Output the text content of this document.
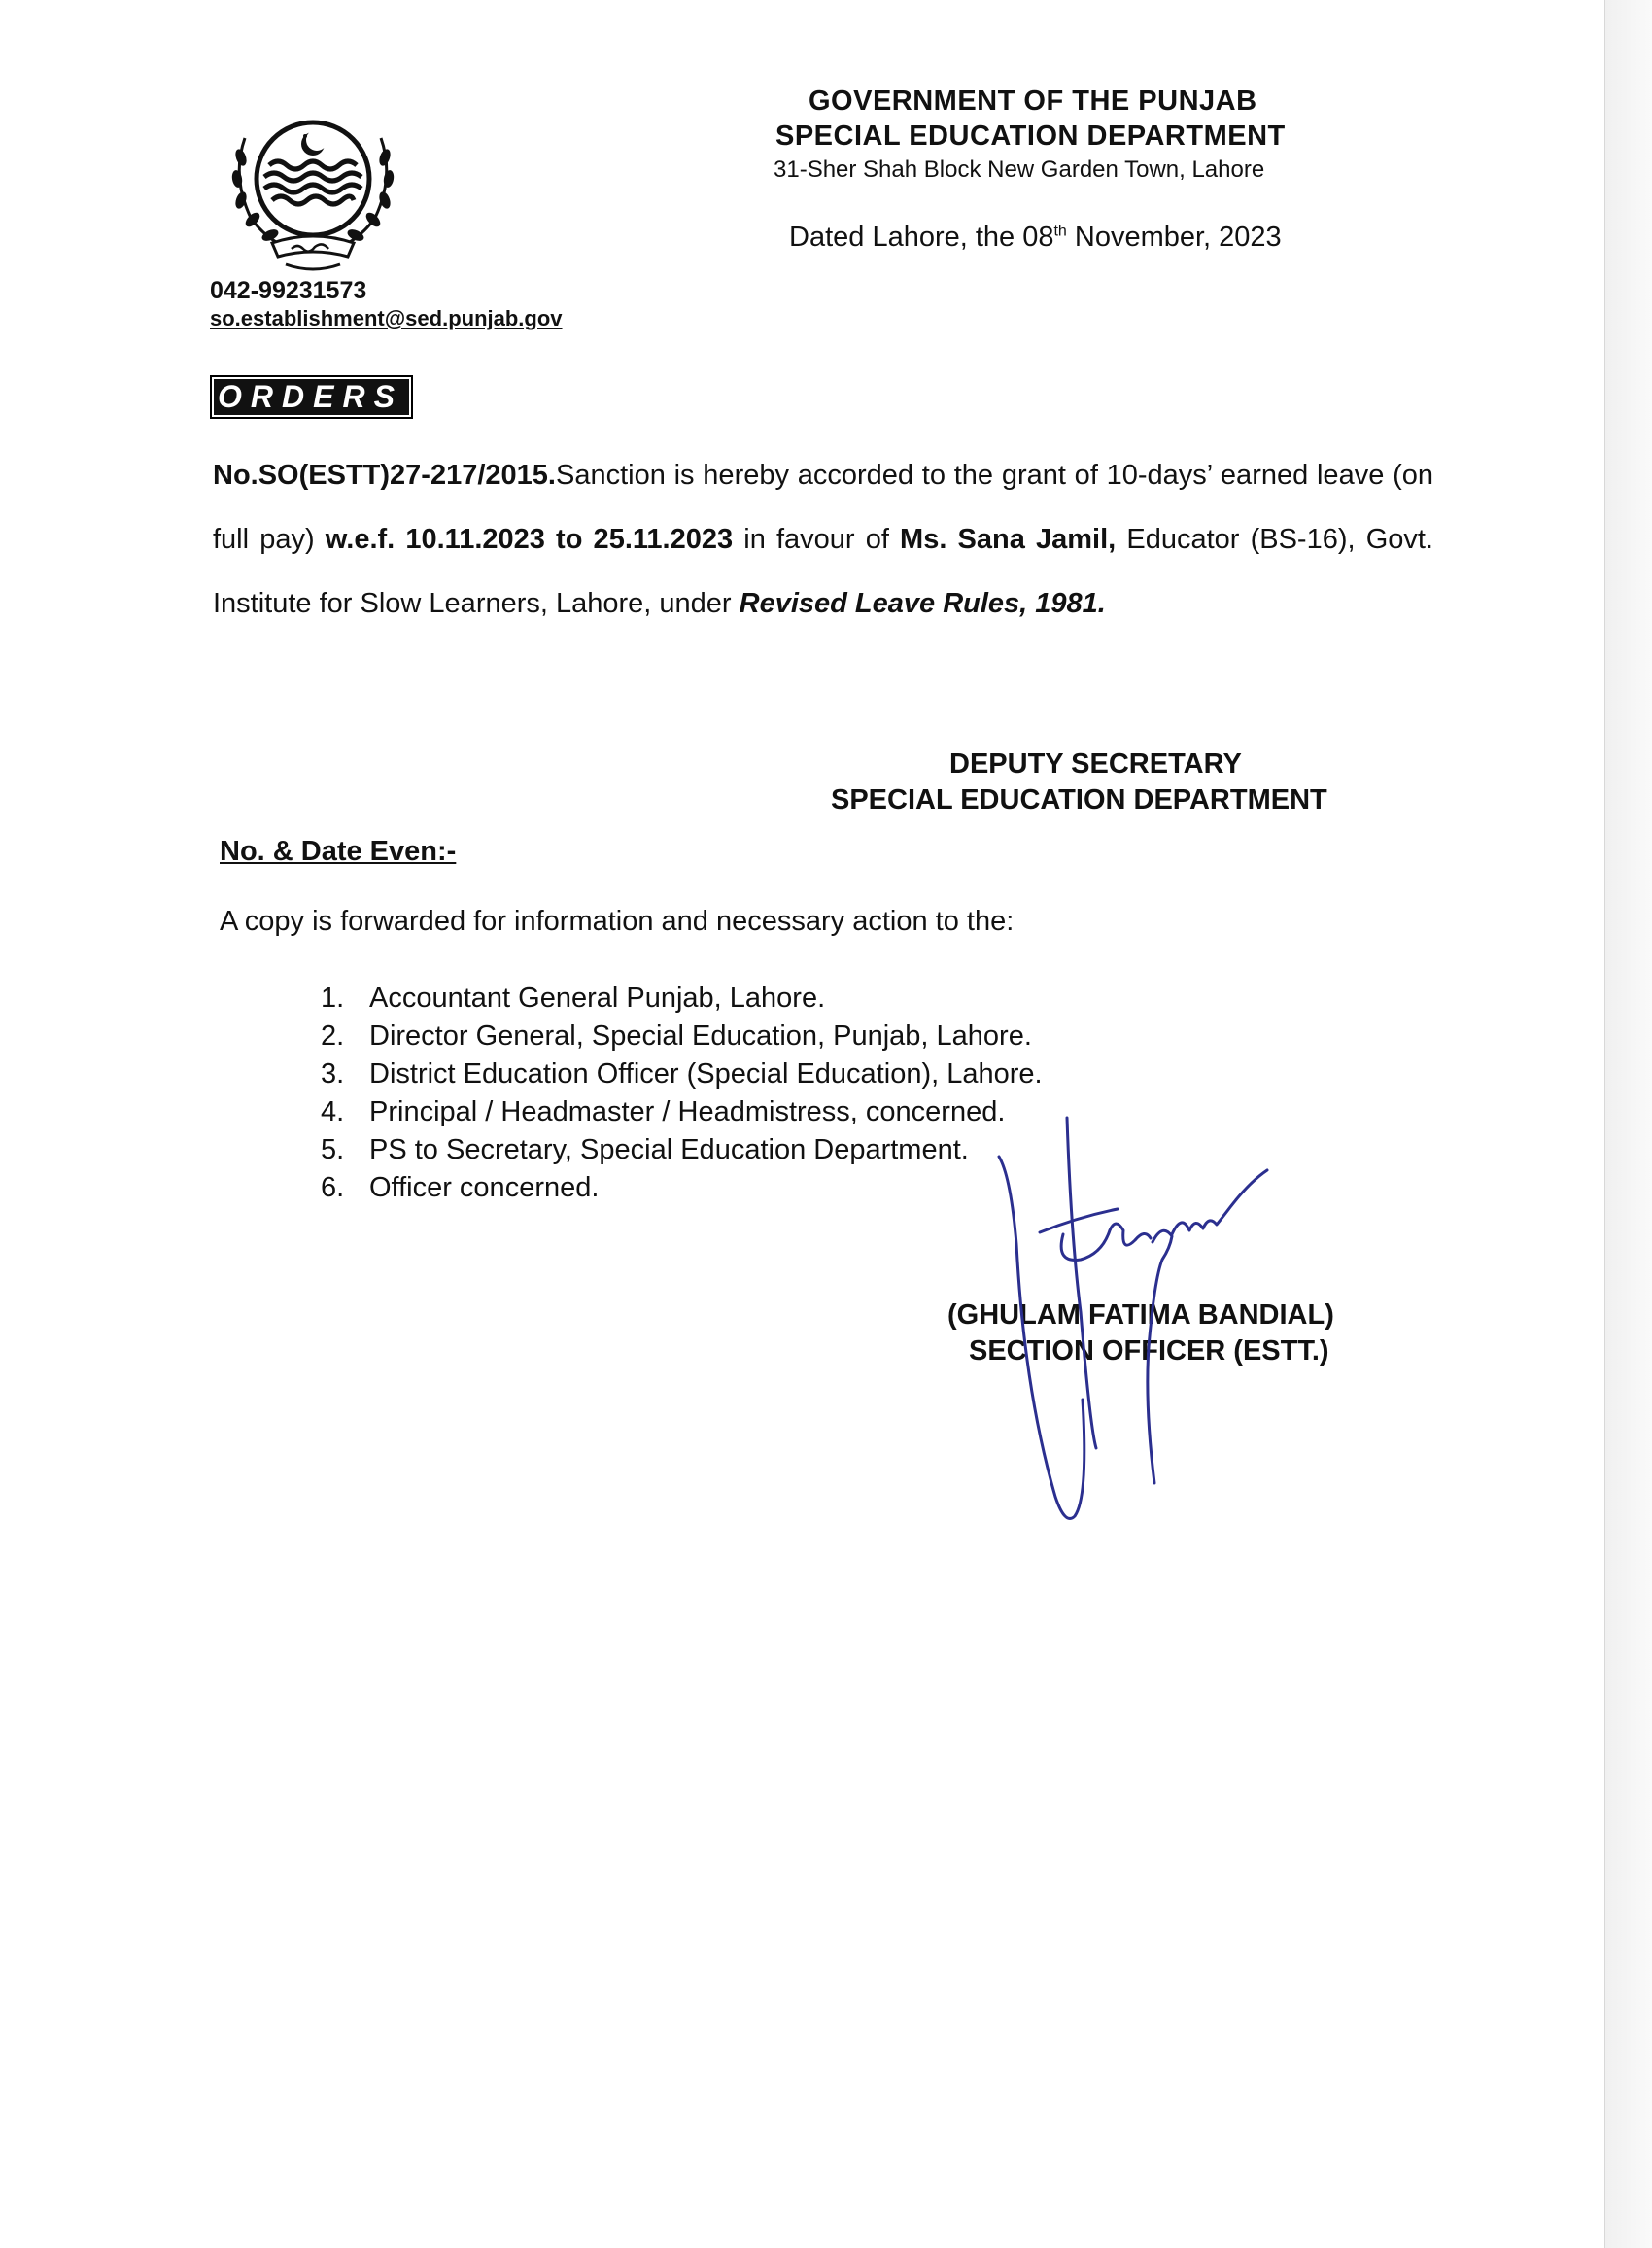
GOVERNMENT OF THE PUNJAB
SPECIAL EDUCATION DEPARTMENT
31-Sher Shah Block New Garden Town, Lahore
Dated Lahore, the 08th November, 2023
042-99231573
so.establishment@sed.punjab.gov
ORDERS
No.SO(ESTT)27-217/2015.Sanction is hereby accorded to the grant of 10-days’ earned leave (on full pay) w.e.f. 10.11.2023 to 25.11.2023 in favour of Ms. Sana Jamil, Educator (BS-16), Govt. Institute for Slow Learners, Lahore, under Revised Leave Rules, 1981.
DEPUTY SECRETARY
SPECIAL EDUCATION DEPARTMENT
No. & Date Even:-
A copy is forwarded for information and necessary action to the:
1. Accountant General Punjab, Lahore.
2. Director General, Special Education, Punjab, Lahore.
3. District Education Officer (Special Education), Lahore.
4. Principal / Headmaster / Headmistress, concerned.
5. PS to Secretary, Special Education Department.
6. Officer concerned.
(GHULAM FATIMA BANDIAL)
SECTION OFFICER (ESTT.)
